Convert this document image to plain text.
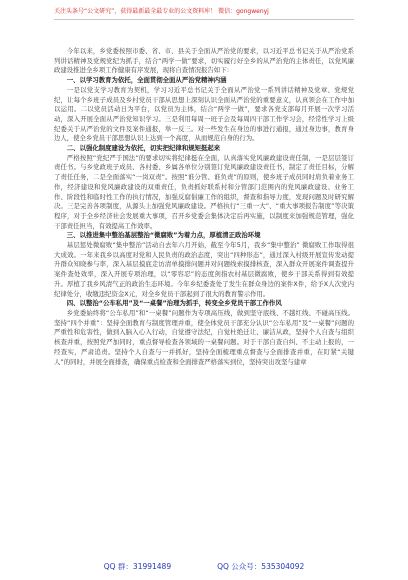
关注头条号“公文研究”，获得最新最全最专业的公文资料库！ 微信：gongwenyj

今年以来，乡党委按照市委、省、市、县关于全面从严治党的要求，以习近平总书记关于从严治党系列讲话精神及党规党纪为抓手，结合“两学一做”要求，切实履行好全乡的从严治党的主体责任，以党风廉政建设推进全乡项工作健康有序发展，现将自查情况报告如下：

一、以学习教育为依托，全面贯彻全面从严治党精神内涵

一是以党支学习教育为契机，学习习近平总书记关于全面从严治党一系列讲话精神及党章、党规党纪，让每个乡班子成员及乡村党员干部从思想上深刻认识全面从严治党的重要意义，认真领会在工作中加以运用。二以党员活动日为平台，以党员为主体，结合“两学一做”，要求各党支部每月开展一次学习活动，深入开展全面从严治党知识学习。三是利用每周一班子会及每周四干部工作学习会，经常性学习上级纪委关于从严治党的文件及案件通报，举一反三。对一些发生在身边的事进行通报，通过身边事，教育身边人，使全乡党员干部思想认识上达到一个高度，从而规范自身的行为。

二、以强化制度建设为依托，切实把纪律和规矩挺起来

严格按照“党纪严于国法”的要求切实将纪律挺在全面，认真落实党风廉政建设责任制，一是层层签订责任书。与乡党政班子成员、各村委、乡属各单位分别签订党风廉政建设责任书，制定了责任目标，分解了责任任务，二是全面落实“一岗双责”。按照“谁分管、谁负责”的原则，使乡班子成员同时肩负着业务工作，经济建设和党风廉政建设的双重责任，负责抓好联系村和分管部门范围内的党风廉政建设、业务工作、阶段性和临时性工作的执行情况，加强反腐倡廉工作的组织，督查和指导力度，发现问题及时研究解决。三是完善各项制度，从源头上加强党风廉政建设。严格执行“三重一大”、“重大事项报告制度”等决策程序，对于全乡经济社会发展重大事项，召开乡党委会集体决定后再实施，以制度来加强规范管理，强化干部责任担当，有效提高工作效率。

三、以推进集中整治基层整治“微腐败”为着力点，厚植清正政治环境

基层惩处微腐败“集中整治”活动自去年六月开始，截至今年5月，我乡“集中整治” 微腐败工作取得很大成效。一年来我乡以高度对党和人民负责的政治态度，突出“四种形态”，通过深入村级开展宣传发动提升群众知晓参与率，深入基层摸底走访清单摸排问题并对问题线索摸排核查，深入群众开展案件调查提升案件查处效率，深入开展专项治理，以“零容忍”的态度剑指农村基层微腐败，使乡干部关系得到有效提升。厚植了我乡风清气正的政治生态环境。今年乡纪委查处了发生在群众身边的案件X件，给予X人次党内纪律处分，收缴违纪资金X元，对全乡党员干部起到了很大的教育警示作用。

四、以整治“公车私用”及“一桌餐”治理为抓手，转变全乡党员干部工作作风

乡党委始终将“公车私用”和“一桌餐”问题作为专项高压线，做到坚守底线、不越红线、不碰高压线。坚持“四个并重”：坚持全面教育与制度管理并重，使全体党员干部充分认识“公车私用”及“一桌餐”问题的严重性和危害性，做到入脑入心入行动，自觉遵守法纪，自觉杜绝迁让、廉洁从政，坚持个人自查与组织核查并重，按照党严加同时，重点督导检查各领域的一桌餐问题。对于干部自查自纠、不主动上报的，一经查实，严肃追责。坚持个人自查与一并抓好，坚持全面梳理重点督查与全面排查并重，在盯紧“关键人”的同时，并展全面排查，确保重点检查和全面排查严格落实到位，坚持突出攻坚与建章

QQ 群：31991489	QQ 公众号：535304092
